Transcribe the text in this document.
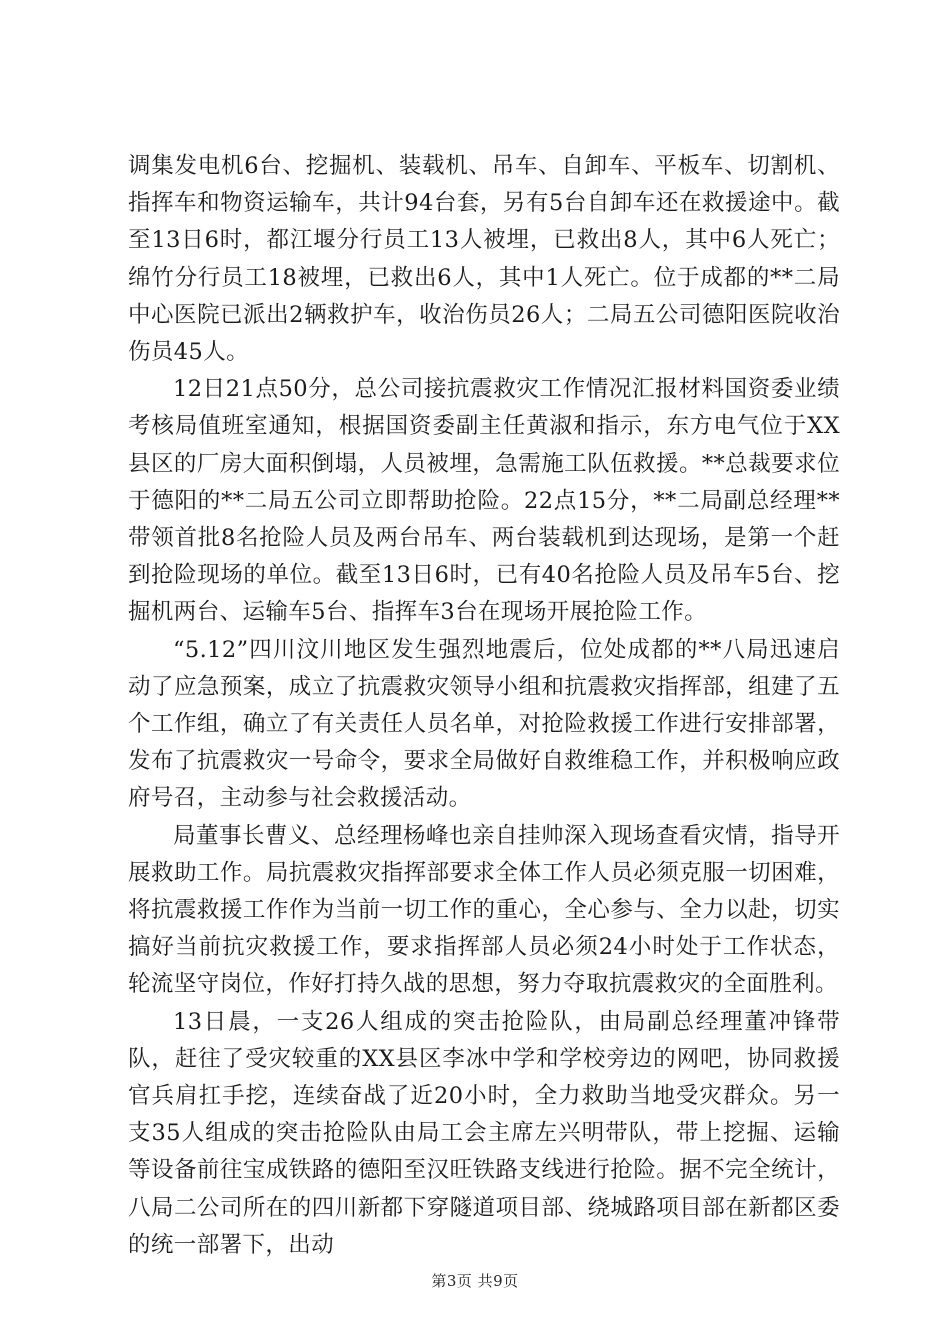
调集发电机6台、挖掘机、装载机、吊车、自卸车、平板车、切割机、指挥车和物资运输车，共计94台套，另有5台自卸车还在救援途中。截至13日6时，都江堰分行员工13人被埋，已救出8人，其中6人死亡；绵竹分行员工18被埋，已救出6人，其中1人死亡。位于成都的**二局中心医院已派出2辆救护车，收治伤员26人；二局五公司德阳医院收治伤员45人。

12日21点50分，总公司接抗震救灾工作情况汇报材料国资委业绩考核局值班室通知，根据国资委副主任黄淑和指示，东方电气位于XX县区的厂房大面积倒塌，人员被埋，急需施工队伍救援。**总裁要求位于德阳的**二局五公司立即帮助抢险。22点15分，**二局副总经理**带领首批8名抢险人员及两台吊车、两台装载机到达现场，是第一个赶到抢险现场的单位。截至13日6时，已有40名抢险人员及吊车5台、挖掘机两台、运输车5台、指挥车3台在现场开展抢险工作。

“5.12”四川汶川地区发生强烈地震后，位处成都的**八局迅速启动了应急预案，成立了抗震救灾领导小组和抗震救灾指挥部，组建了五个工作组，确立了有关责任人员名单，对抢险救援工作进行安排部署，发布了抗震救灾一号命令，要求全局做好自救维稳工作，并积极响应政府号召，主动参与社会救援活动。

局董事长曹义、总经理杨峰也亲自挂帅深入现场查看灾情，指导开展救助工作。局抗震救灾指挥部要求全体工作人员必须克服一切困难，将抗震救援工作作为当前一切工作的重心，全心参与、全力以赴，切实搞好当前抗灾救援工作，要求指挥部人员必须24小时处于工作状态，轮流坚守岗位，作好打持久战的思想，努力夺取抗震救灾的全面胜利。

13日晨，一支26人组成的突击抢险队，由局副总经理董冲锋带队，赶往了受灾较重的XX县区李冰中学和学校旁边的网吧，协同救援官兵肩扛手挖，连续奋战了近20小时，全力救助当地受灾群众。另一支35人组成的突击抢险队由局工会主席左兴明带队，带上挖掘、运输等设备前往宝成铁路的德阳至汉旺铁路支线进行抢险。据不完全统计，八局二公司所在的四川新都下穿隧道项目部、绕城路项目部在新都区委的统一部署下，出动

第3页 共9页
